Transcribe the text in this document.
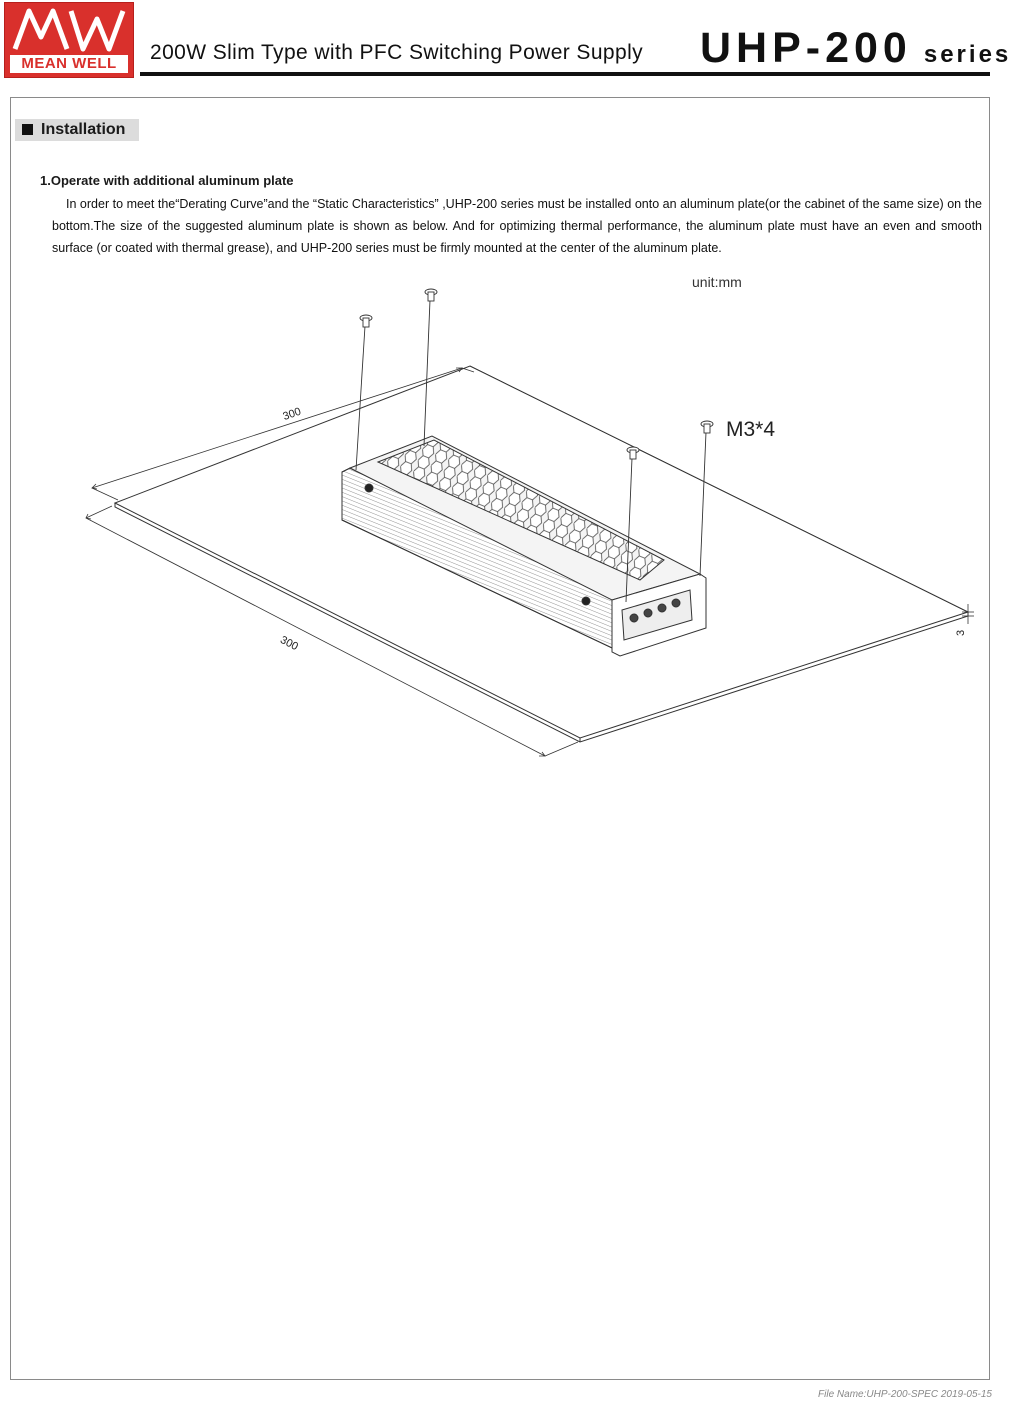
MEAN WELL	200W Slim Type with PFC Switching Power Supply UHP-200 series
Installation
1.Operate with additional aluminum plate
In order to meet the“Derating Curve”and the “Static Characteristics” ,UHP-200 series must be installed onto an aluminum plate(or the cabinet of the same size) on the bottom.The size of the suggested aluminum plate is shown as below. And for optimizing thermal performance, the aluminum plate must have an even and smooth surface (or coated with thermal grease), and UHP-200 series must be firmly mounted at the center of the aluminum plate.
unit:mm
M3*4
300
300
3
File Name:UHP-200-SPEC 2019-05-15
